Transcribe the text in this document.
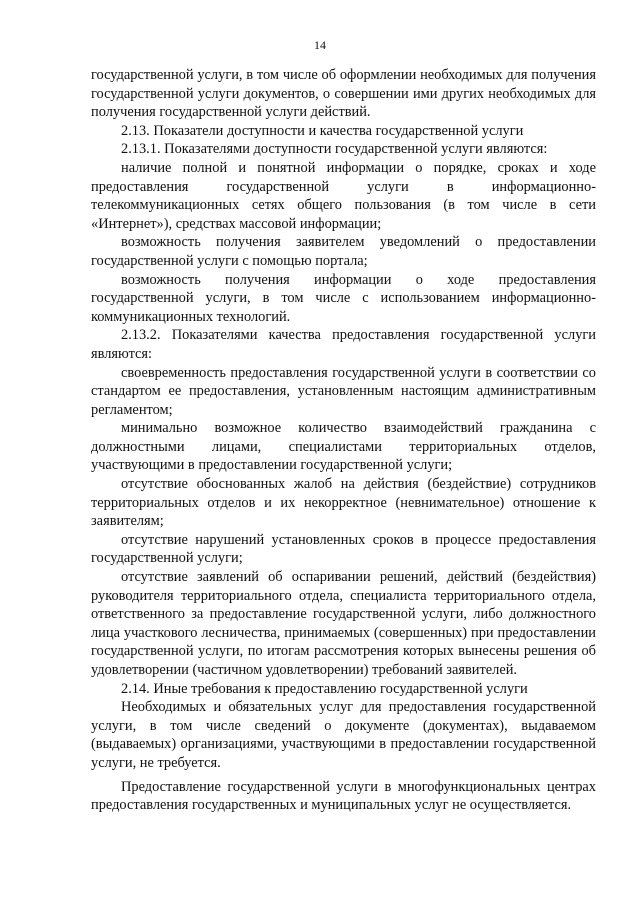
14

государственной услуги, в том числе об оформлении необходимых для получения государственной услуги документов, о совершении ими других необходимых для получения государственной услуги действий.

2.13. Показатели доступности и качества государственной услуги

2.13.1. Показателями доступности государственной услуги являются:

наличие полной и понятной информации о порядке, сроках и ходе предоставления государственной услуги в информационно-телекоммуникационных сетях общего пользования (в том числе в сети «Интернет»), средствах массовой информации;

возможность получения заявителем уведомлений о предоставлении государственной услуги с помощью портала;

возможность получения информации о ходе предоставления государственной услуги, в том числе с использованием информационно-коммуникационных технологий.

2.13.2. Показателями качества предоставления государственной услуги являются:

своевременность предоставления государственной услуги в соответствии со стандартом ее предоставления, установленным настоящим административным регламентом;

минимально возможное количество взаимодействий гражданина с должностными лицами, специалистами территориальных отделов, участвующими в предоставлении государственной услуги;

отсутствие обоснованных жалоб на действия (бездействие) сотрудников территориальных отделов и их некорректное (невнимательное) отношение к заявителям;

отсутствие нарушений установленных сроков в процессе предоставления государственной услуги;

отсутствие заявлений об оспаривании решений, действий (бездействия) руководителя территориального отдела, специалиста территориального отдела, ответственного за предоставление государственной услуги, либо должностного лица участкового лесничества, принимаемых (совершенных) при предоставлении государственной услуги, по итогам рассмотрения которых вынесены решения об удовлетворении (частичном удовлетворении) требований заявителей.

2.14. Иные требования к предоставлению государственной услуги

Необходимых и обязательных услуг для предоставления государственной услуги, в том числе сведений о документе (документах), выдаваемом (выдаваемых) организациями, участвующими в предоставлении государственной услуги, не требуется.

Предоставление государственной услуги в многофункциональных центрах предоставления государственных и муниципальных услуг не осуществляется.
